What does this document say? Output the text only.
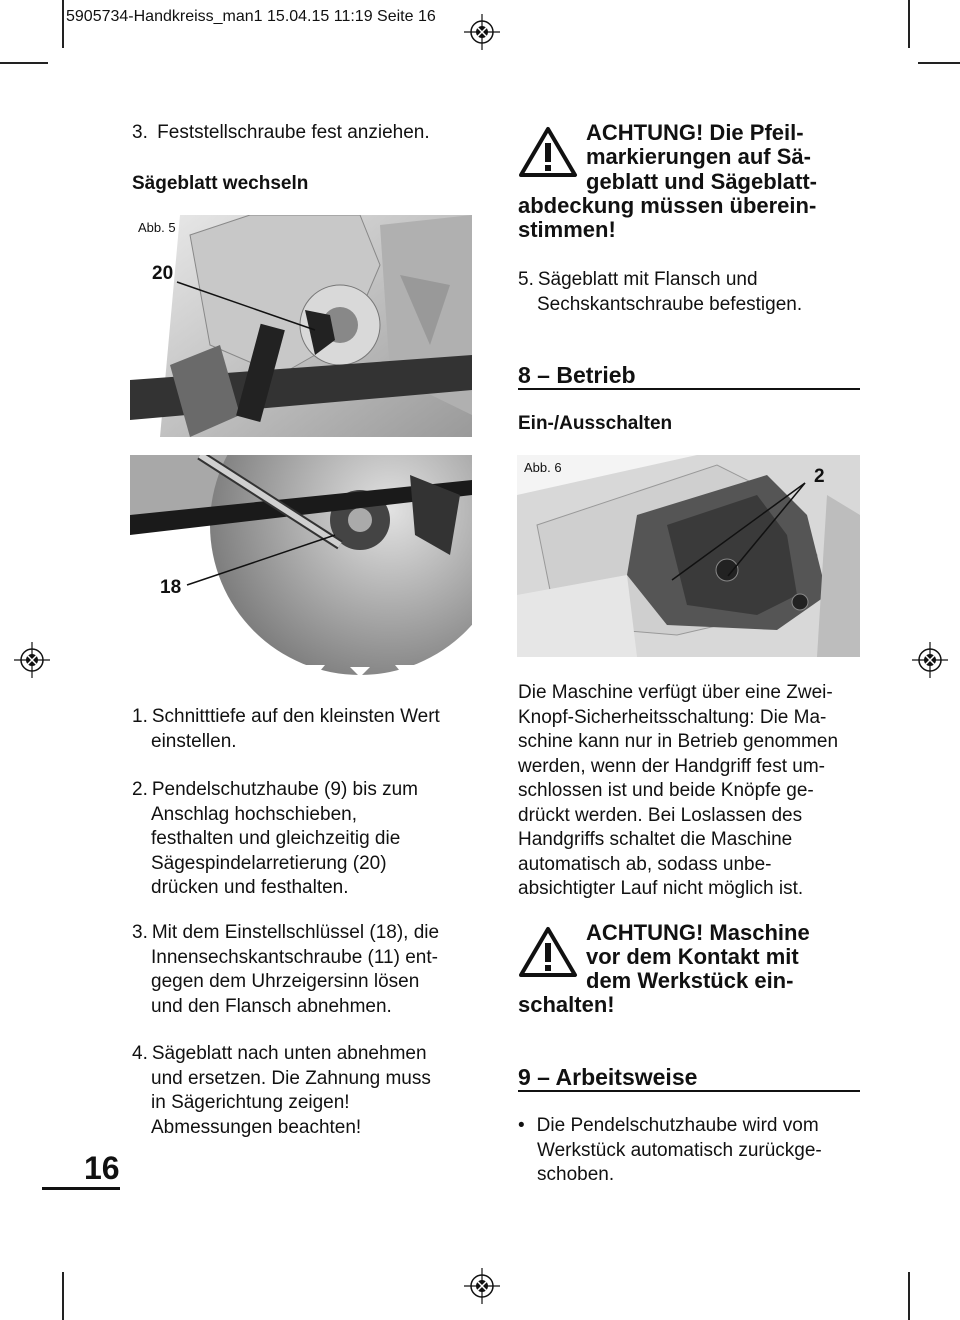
5905734-Handkreiss_man1 15.04.15 11:19 Seite 16
3. Feststellschraube fest anziehen.
Sägeblatt wechseln
Abb. 5
20
18
1. Schnitttiefe auf den kleinsten Wert
einstellen.
2. Pendelschutzhaube (9) bis zum
Anschlag hochschieben,
festhalten und gleichzeitig die
Sägespindelarretierung (20)
drücken und festhalten.
3. Mit dem Einstellschlüssel (18), die
Innensechskantschraube (11) ent-
gegen dem Uhrzeigersinn lösen
und den Flansch abnehmen.
4. Sägeblatt nach unten abnehmen
und ersetzen. Die Zahnung muss
in Sägerichtung zeigen!
Abmessungen beachten!
16
ACHTUNG! Die Pfeil-
markierungen auf Sä-
geblatt und Sägeblatt-
abdeckung müssen überein-
stimmen!
5. Sägeblatt mit Flansch und
Sechskantschraube befestigen.
8 – Betrieb
Ein-/Ausschalten
Abb. 6	2
Die Maschine verfügt über eine Zwei-
Knopf-Sicherheitsschaltung: Die Ma-
schine kann nur in Betrieb genommen
werden, wenn der Handgriff fest um-
schlossen ist und beide Knöpfe ge-
drückt werden. Bei Loslassen des
Handgriffs schaltet die Maschine
automatisch ab, sodass unbe-
absichtigter Lauf nicht möglich ist.
ACHTUNG! Maschine
vor dem Kontakt mit
dem Werkstück ein-
schalten!
9 – Arbeitsweise
• Die Pendelschutzhaube wird vom
Werkstück automatisch zurückge-
schoben.
